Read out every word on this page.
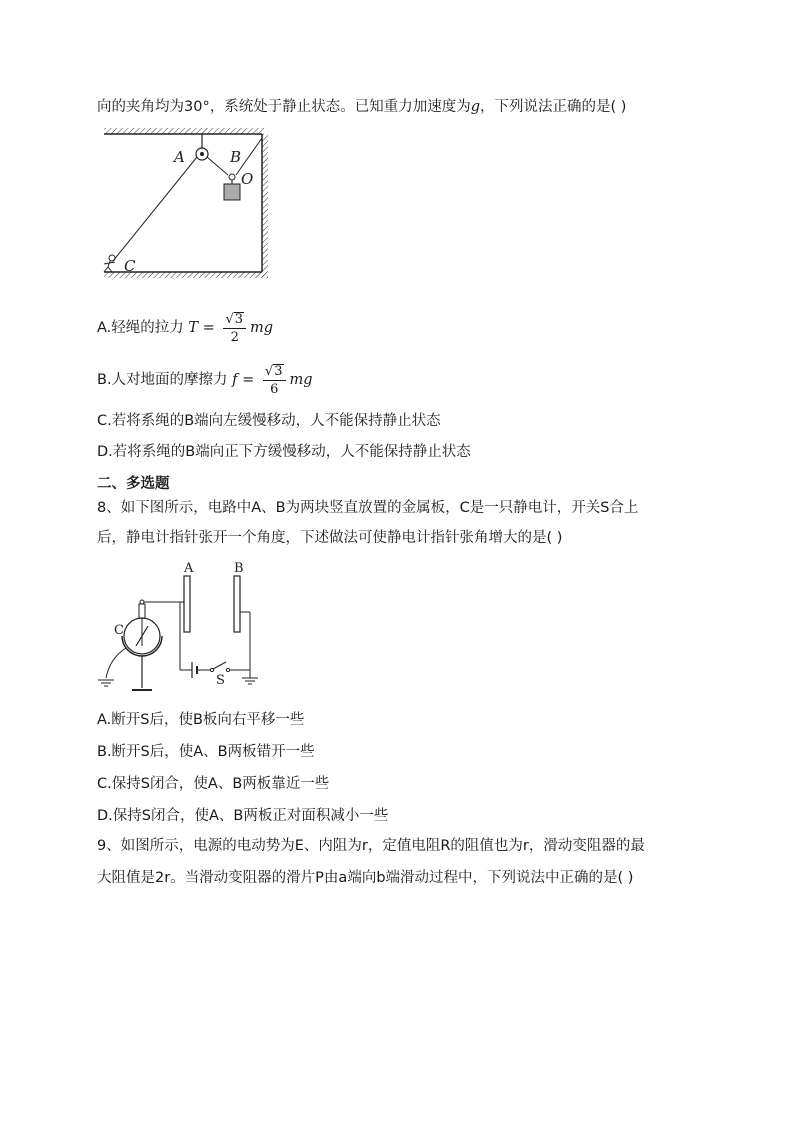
向的夹角均为30°，系统处于静止状态。已知重力加速度为g，下列说法正确的是( )
A	B
O
C
A.轻绳的拉力 $T = \frac{√3}{2}$ mg
B.人对地面的摩擦力 $f = \frac{√3}{6}$ mg
C.若将系绳的B端向左缓慢移动，人不能保持静止状态
D.若将系绳的B端向正下方缓慢移动，人不能保持静止状态
二、多选题
8、如下图所示，电路中A、B为两块竖直放置的金属板，C是一只静电计，开关S合上
后，静电计指针张开一个角度，下述做法可使静电计指针张角增大的是( )
A	B
C
S
A.断开S后，使B板向右平移一些
B.断开S后，使A、B两板错开一些
C.保持S闭合，使A、B两板靠近一些
D.保持S闭合，使A、B两板正对面积减小一些
9、如图所示，电源的电动势为E、内阻为r，定值电阻R的阻值也为r，滑动变阻器的最
大阻值是2r。当滑动变阻器的滑片P由a端向b端滑动过程中，下列说法中正确的是( )
